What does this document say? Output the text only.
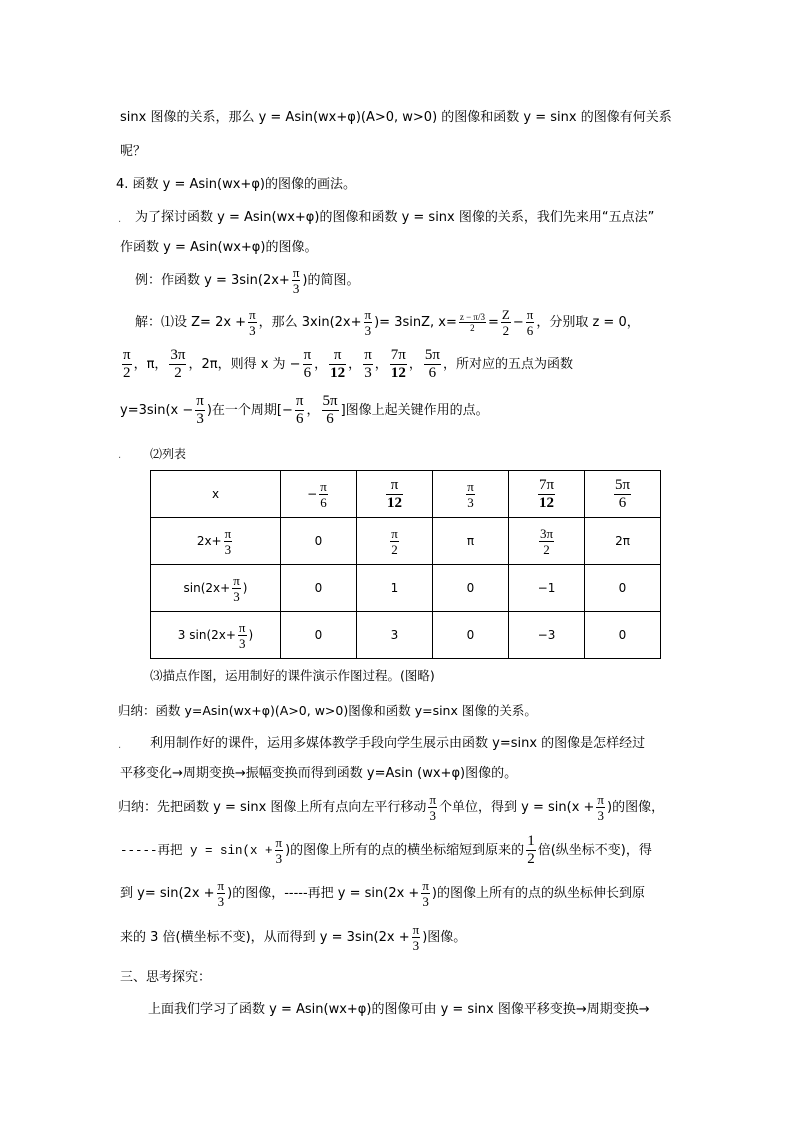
sinx 图像的关系，那么 y = Asin(wx+φ)(A>0, w>0) 的图像和函数 y = sinx 的图像有何关系
呢？
4. 函数 y = Asin(wx+φ)的图像的画法。
. 为了探讨函数 y = Asin(wx+φ)的图像和函数 y = sinx 图像的关系，我们先来用“五点法”
作函数 y = Asin(wx+φ)的图像。
例：作函数 $y = 3\sin(2x+ \frac{\pi}{3}$ )的简图。
解：⑴设 $Z= 2x + \frac{\pi}{3}$ ，那么 $3xin(2x+ \frac{\pi}{3}$ )= 3sinZ, $x= \frac{z - \pi/3}{2} = \frac{Z}{2} - \frac{\pi}{6}$ ，分别取 z = 0，
$\frac{\pi}{2}$ ，π， $\frac{3\pi}{2}$ ，2π，则得 x 为 − $\frac{\pi}{6}$ ， $\frac{\pi}{12}$ ， $\frac{\pi}{3}$ ， $\frac{7\pi}{12}$ ， $\frac{5\pi}{6}$ ，所对应的五点为函数
$y=3\sin(x - \frac{\pi}{3}$ )在一个周期[− $\frac{\pi}{6}$ ， $\frac{5\pi}{6}$ ]图像上起关键作用的点。
. ⑵列表
x	− $\frac{\pi}{6}$	$\frac{\pi}{12}$	$\frac{\pi}{3}$	$\frac{7\pi}{12}$	$\frac{5\pi}{6}$

$2x+ \frac{\pi}{3}$	0	$\frac{\pi}{2}$	π	$\frac{3\pi}{2}$	2π
$\sin(2x+ \frac{\pi}{3}$ )	0	1	0	−1	0
3 $\sin(2x+ \frac{\pi}{3}$ )	0	3	0	−3	0
⑶描点作图，运用制好的课件演示作图过程。(图略)
归纳：函数 y=Asin(wx+φ)(A>0, w>0)图像和函数 y=sinx 图像的关系。
. 利用制作好的课件，运用多媒体教学手段向学生展示由函数 y=sinx 的图像是怎样经过
平移变化→周期变换→振幅变换而得到函数 y=Asin (wx+φ)图像的。
归纳：先把函数 y = sinx 图像上所有点向左平行移动 $\frac{\pi}{3}$ 个单位，得到 $y = \sin(x + \frac{\pi}{3}$ )的图像，
-----再把 $y = \sin(x + \frac{\pi}{3}$ )的图像上所有的点的横坐标缩短到原来的 $\frac{1}{2}$ 倍(纵坐标不变)，得
到 $y= \sin(2x + \frac{\pi}{3}$ )的图像，-----再把 $y = \sin(2x + \frac{\pi}{3}$ )的图像上所有的点的纵坐标伸长到原
来的 3 倍(横坐标不变)，从而得到 $y = 3\sin(2x + \frac{\pi}{3}$ )图像。
三、思考探究：
上面我们学习了函数 y = Asin(wx+φ)的图像可由 y = sinx 图像平移变换→周期变换→
